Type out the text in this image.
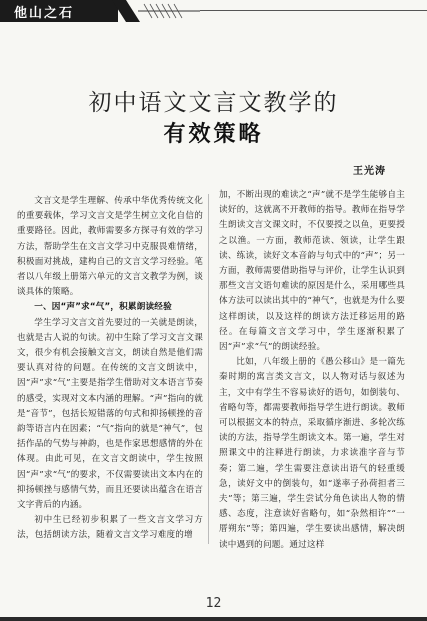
他山之石
初中语文文言文教学的
有效策略
王光涛

文言文是学生理解、传承中华优秀传统文化的重要载体，学习文言文是学生树立文化自信的重要路径。因此，教师需要多方探寻有效的学习方法，帮助学生在文言文学习中克服畏难情绪，积极面对挑战，建构自己的文言文学习经验。笔者以八年级上册第六单元的文言文教学为例，谈谈具体的策略。

一、因“声”求“气”，积累朗读经验

学生学习文言文首先要过的一关就是朗读，也就是古人说的句读。初中生除了学习文言文课文，很少有机会接触文言文，朗读自然是他们需要认真对待的问题。在传统的文言文朗读中，因“声”求“气”主要是指学生借助对文本语言节奏的感受，实现对文本内涵的理解。“声”指向的就是“音节”，包括长短错落的句式和抑扬顿挫的音韵等语言内在因素；“气”指向的就是“神气”，包括作品的气势与神韵，也是作家思想感情的外在体现。由此可见，在文言文朗读中，学生按照因“声”求“气”的要求，不仅需要读出文本内在的抑扬顿挫与感情气势，而且还要读出蕴含在语言文字背后的内涵。

初中生已经初步积累了一些文言文学习方法，包括朗读方法，随着文言文学习难度的增

加，不断出现的难读之“声”就不是学生能够自主读好的，这就离不开教师的指导。教师在指导学生朗读文言文课文时，不仅要授之以鱼，更要授之以渔。一方面，教师范读、领读，让学生跟读、练读，读好文本音韵与句式中的“声”；另一方面，教师需要借助指导与评价，让学生认识到那些文言文语句难读的原因是什么，采用哪些具体方法可以读出其中的“神气”，也就是为什么要这样朗读，以及这样的朗读方法迁移运用的路径。在每篇文言文学习中，学生逐渐积累了因“声”求“气”的朗读经验。

比如，八年级上册的《愚公移山》是一篇先秦时期的寓言类文言文，以人物对话与叙述为主，文中有学生不容易读好的语句，如倒装句、省略句等，都需要教师指导学生进行朗读。教师可以根据文本的特点，采取循序渐进、多轮次练读的方法，指导学生朗读文本。第一遍，学生对照课文中的注释进行朗读，力求读准字音与节奏；第二遍，学生需要注意读出语气的轻重缓急，读好文中的倒装句，如“遂率子孙荷担者三夫”等；第三遍，学生尝试分角色读出人物的情感、态度，注意读好省略句，如“杂然相许”“一厝朔东”等；第四遍，学生要读出感情，解决朗读中遇到的问题。通过这样

12
